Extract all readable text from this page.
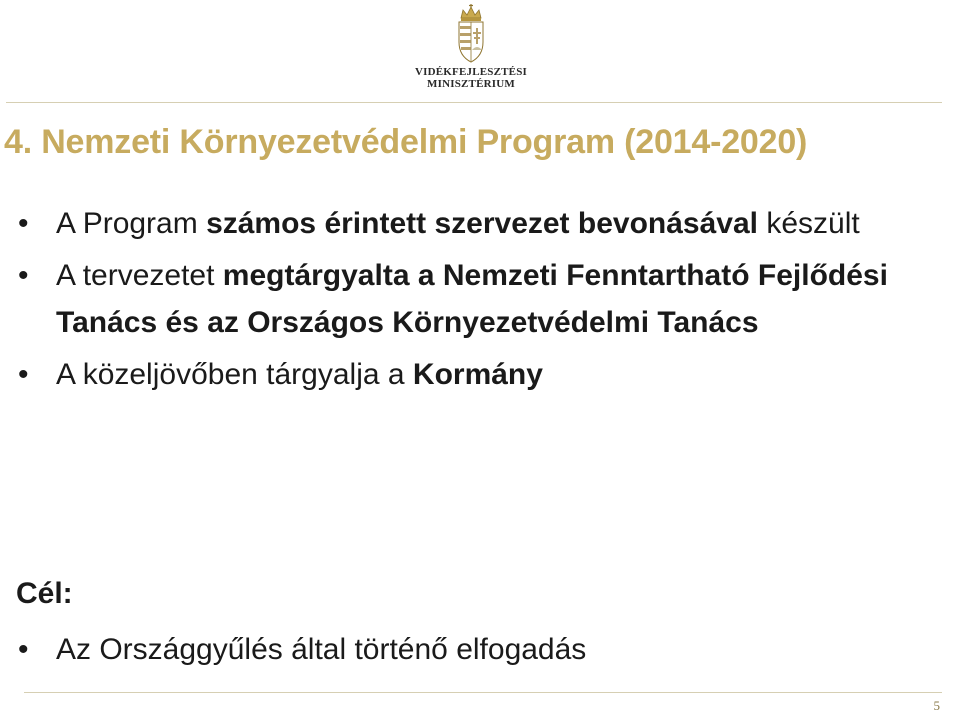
VIDÉKFEJLESZTÉSI
MINISZTÉRIUM
4. Nemzeti Környezetvédelmi Program (2014-2020)
• A Program számos érintett szervezet bevonásával készült
• A tervezetet megtárgyalta a Nemzeti Fenntartható Fejlődési Tanács és az Országos Környezetvédelmi Tanács
• A közeljövőben tárgyalja a Kormány

Cél:

• Az Országgyűlés által történő elfogadás
5
